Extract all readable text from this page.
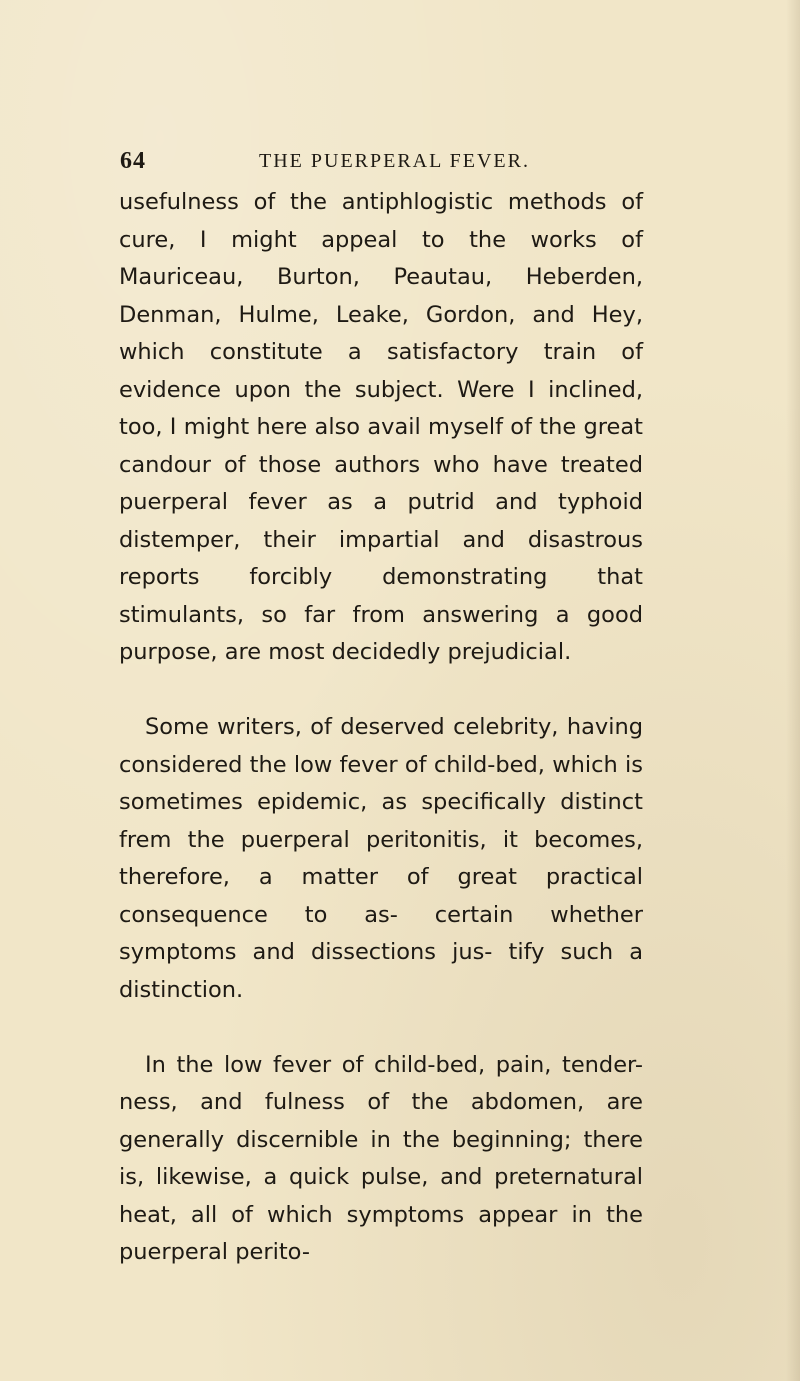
64	THE PUERPERAL FEVER.

usefulness of the antiphlogistic methods of cure, I might appeal to the works of Mauriceau, Burton, Peautau, Heberden, Denman, Hulme, Leake, Gordon, and Hey, which constitute a satisfactory train of evidence upon the subject. Were I inclined, too, I might here also avail myself of the great candour of those authors who have treated puerperal fever as a putrid and typhoid distemper, their impartial and disastrous reports forcibly demonstrating that stimulants, so far from answering a good purpose, are most decidedly prejudicial.

Some writers, of deserved celebrity, having considered the low fever of child-bed, which is sometimes epidemic, as specifically distinct frem the puerperal peritonitis, it becomes, therefore, a matter of great practical consequence to as- certain whether symptoms and dissections jus- tify such a distinction.

In the low fever of child-bed, pain, tender- ness, and fulness of the abdomen, are generally discernible in the beginning; there is, likewise, a quick pulse, and preternatural heat, all of which symptoms appear in the puerperal perito-
